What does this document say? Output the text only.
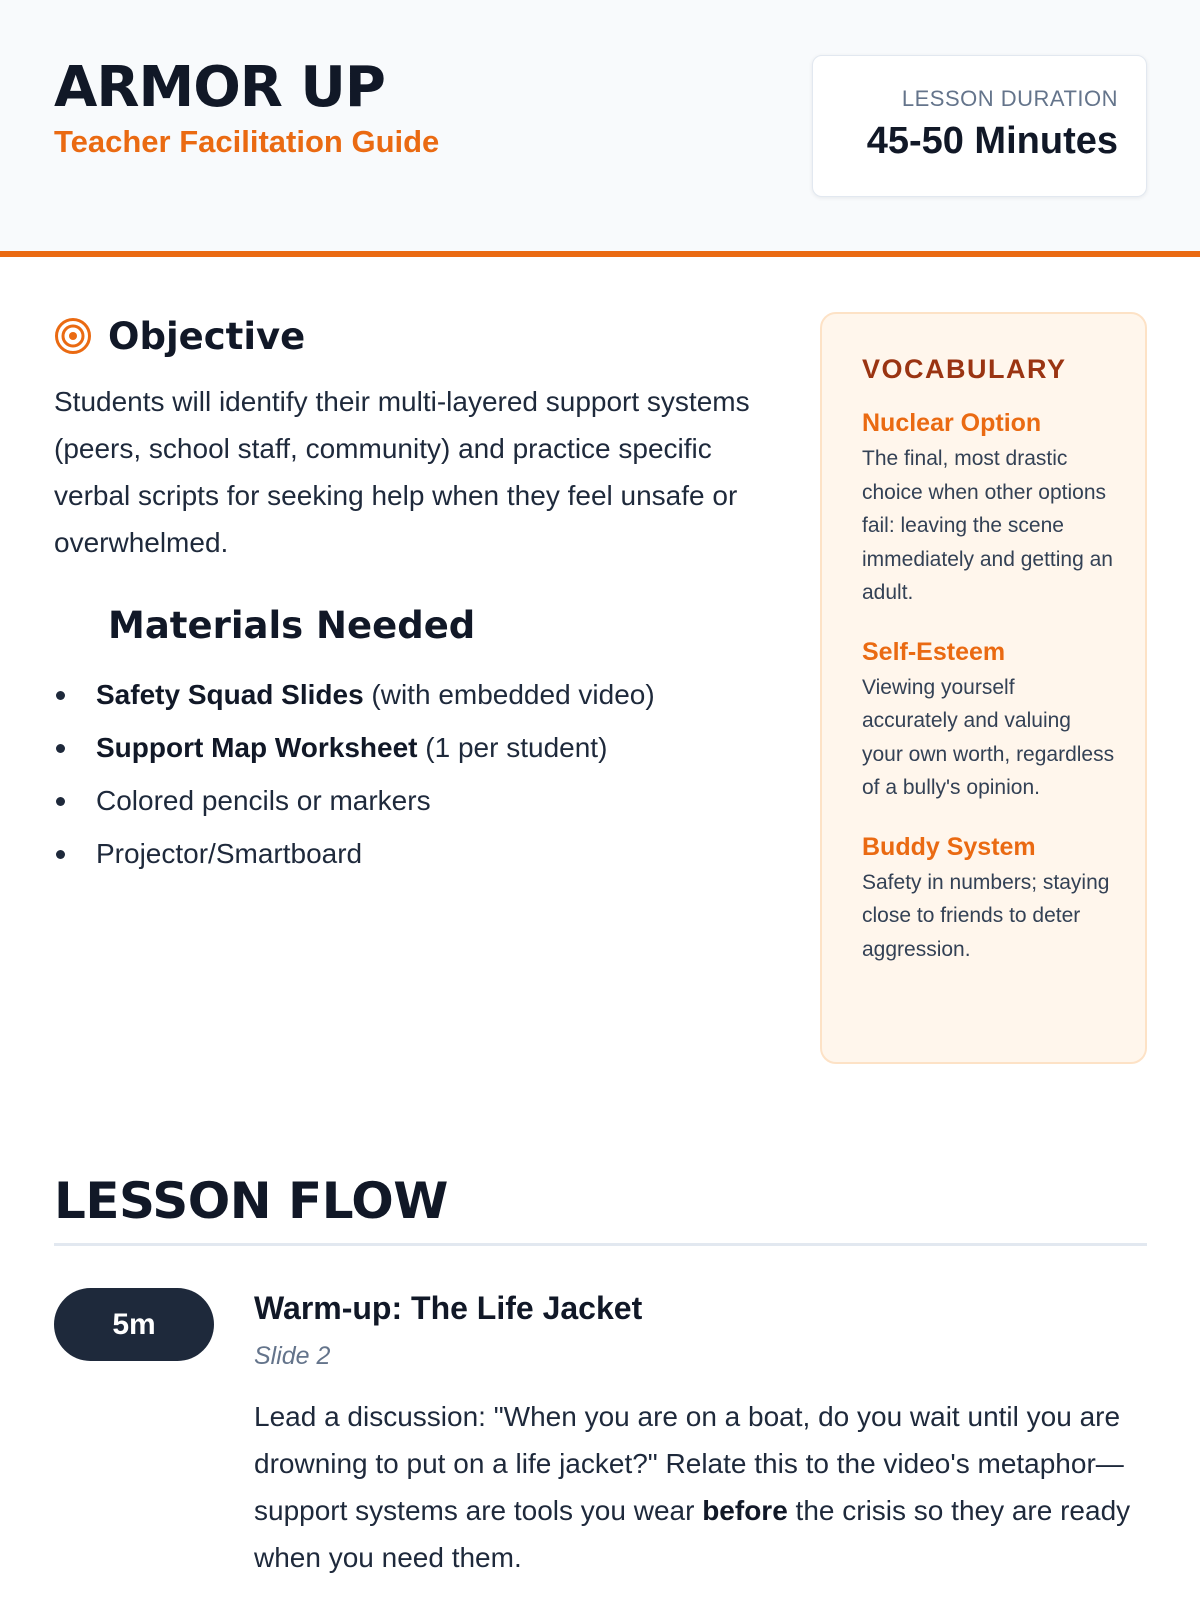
ARMOR UP
Teacher Facilitation Guide
LESSON DURATION
45-50 Minutes
Objective

Students will identify their multi-layered support systems (peers, school staff, community) and practice specific verbal scripts for seeking help when they feel unsafe or overwhelmed.

Materials Needed
Safety Squad Slides (with embedded video)
Support Map Worksheet (1 per student)
Colored pencils or markers
Projector/Smartboard
VOCABULARY
Nuclear Option
The final, most drastic choice when other options fail: leaving the scene immediately and getting an adult.
Self-Esteem
Viewing yourself accurately and valuing your own worth, regardless of a bully's opinion.
Buddy System
Safety in numbers; staying close to friends to deter aggression.
LESSON FLOW
5m	Warm-up: The Life Jacket
Slide 2

Lead a discussion: "When you are on a boat, do you wait until you are drowning to put on a life jacket?" Relate this to the video's metaphor—support systems are tools you wear before the crisis so they are ready when you need them.
